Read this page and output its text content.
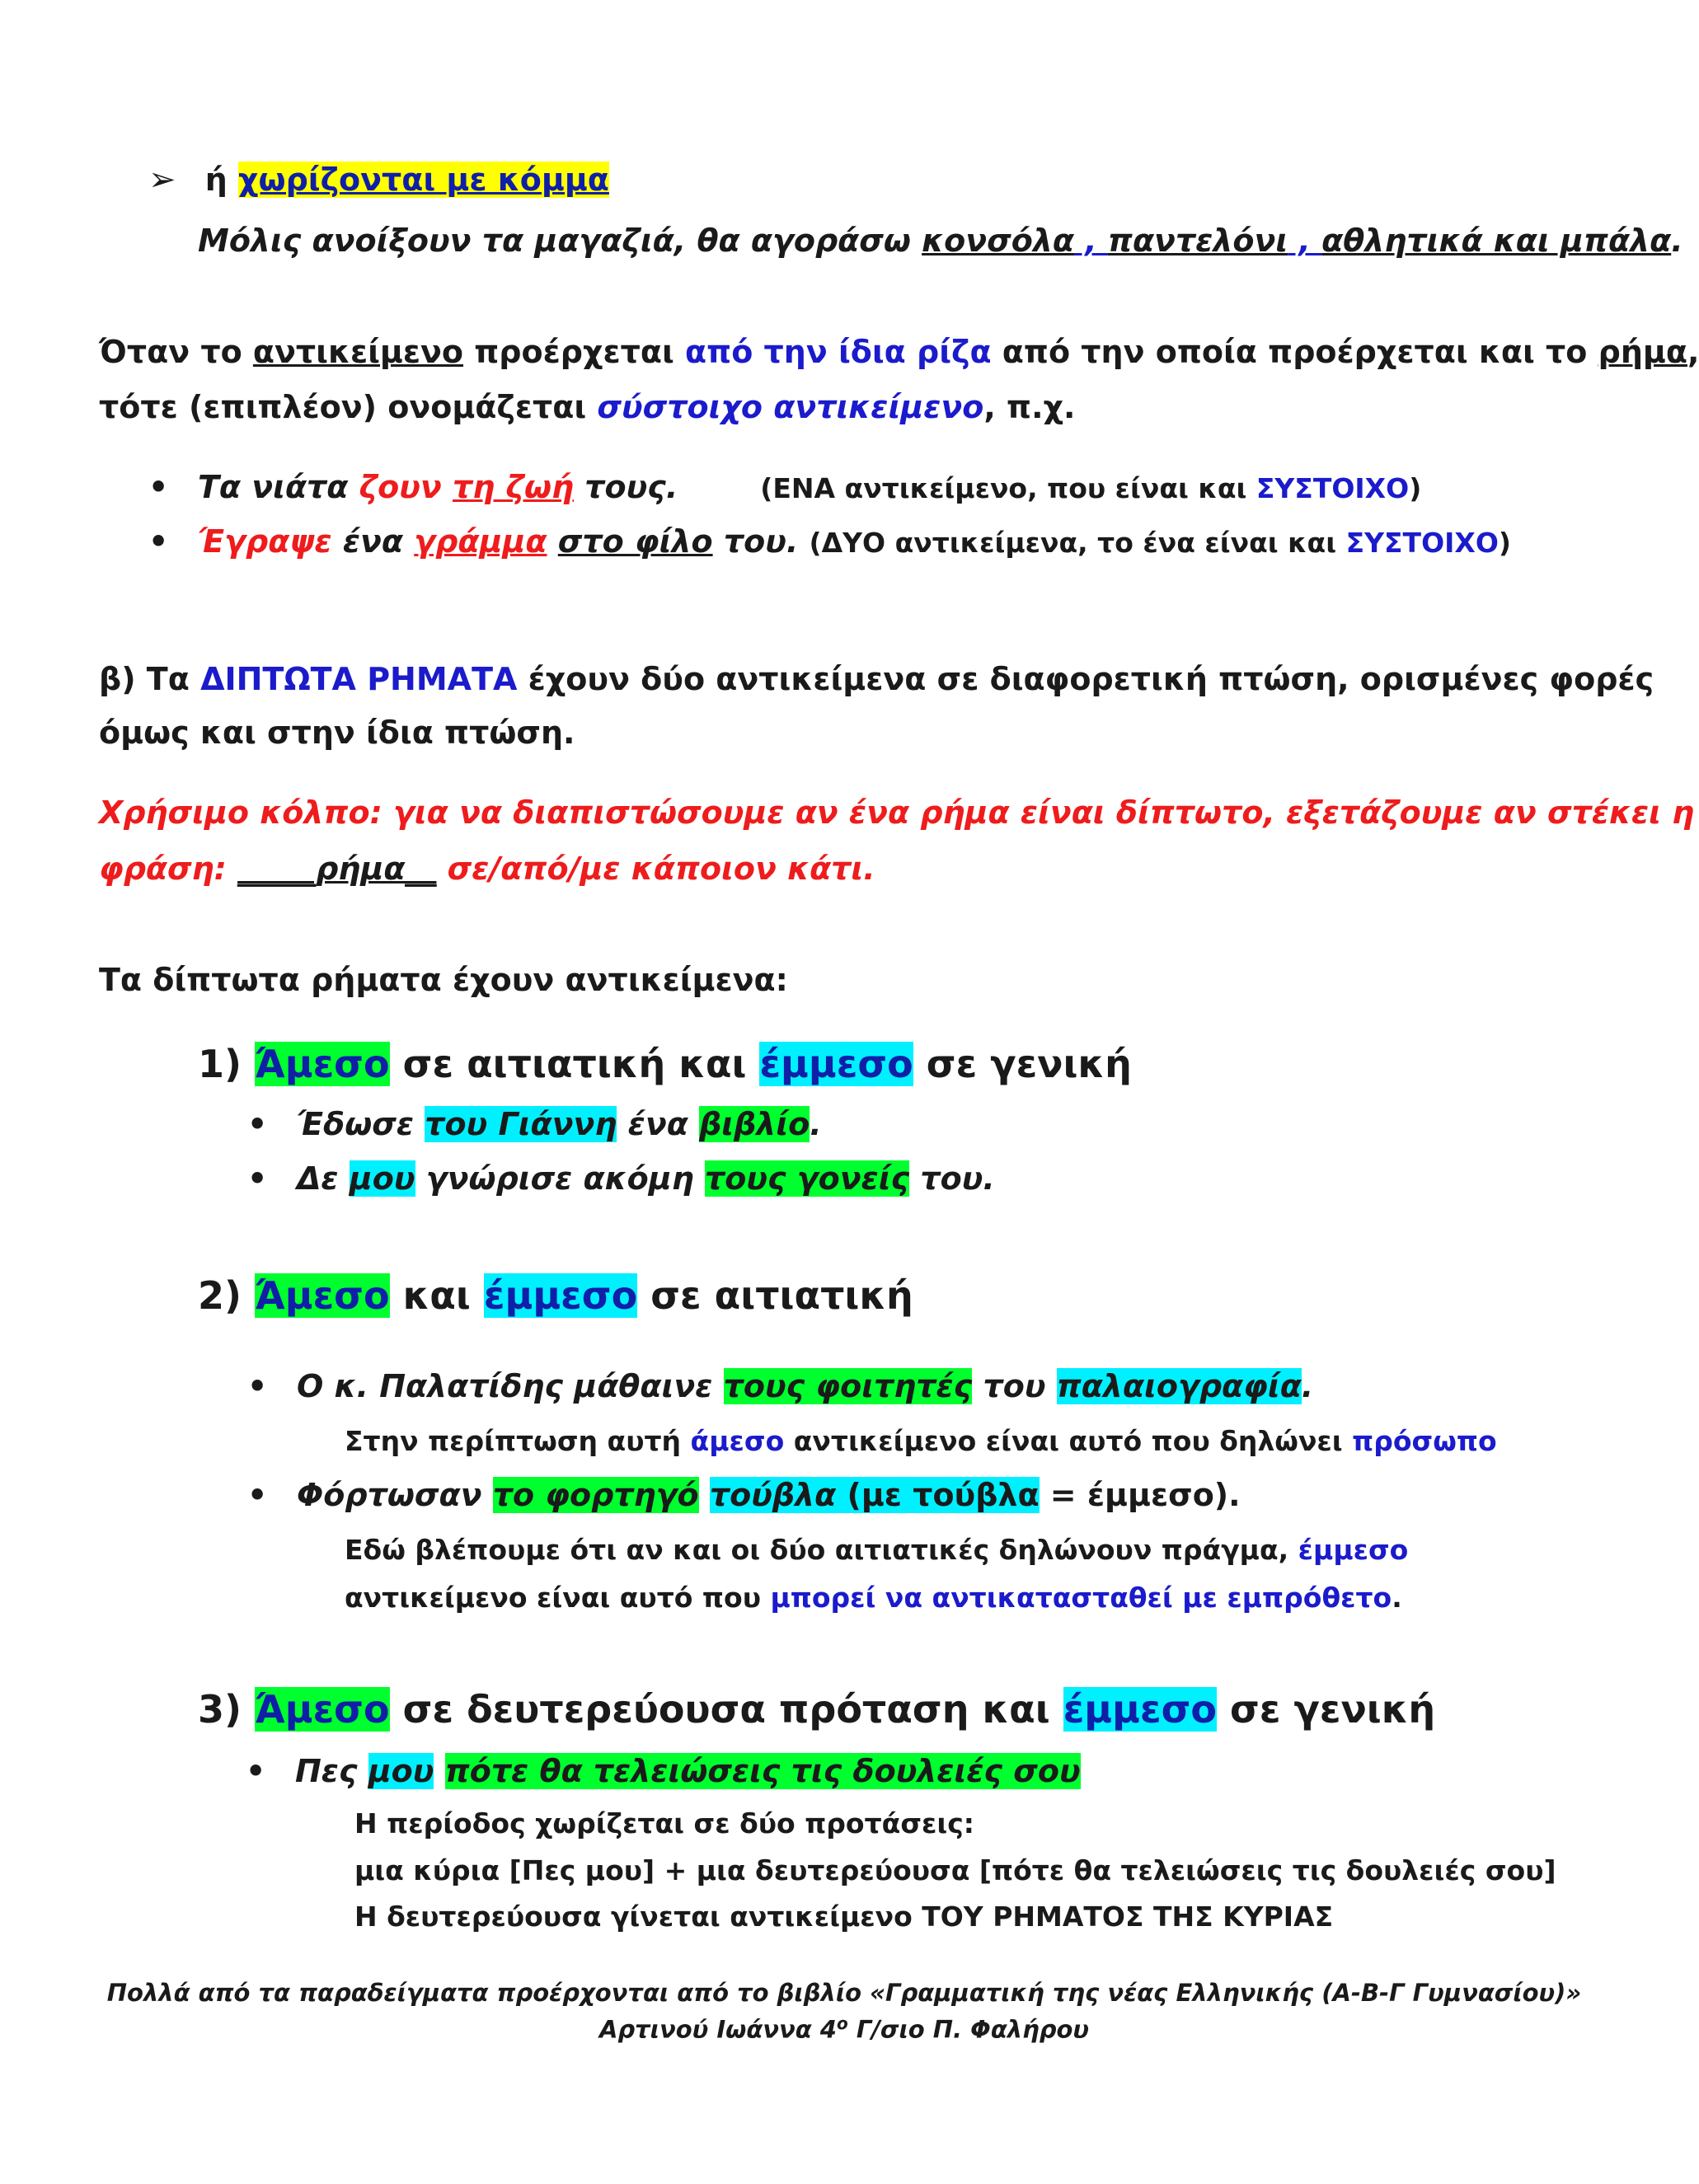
➢ ή χωρίζονται με κόμμα
Μόλις ανοίξουν τα μαγαζιά, θα αγοράσω κονσόλα , παντελόνι , αθλητικά και μπάλα.
Όταν το αντικείμενο προέρχεται από την ίδια ρίζα από την οποία προέρχεται και το ρήμα,
τότε (επιπλέον) ονομάζεται σύστοιχο αντικείμενο, π.χ.
• Τα νιάτα ζουν τη ζωή τους.	(ΕΝΑ αντικείμενο, που είναι και ΣΥΣΤΟΙΧΟ)
• Έγραψε ένα γράμμα στο φίλο του. (ΔΥΟ αντικείμενα, το ένα είναι και ΣΥΣΤΟΙΧΟ)
β) Τα ΔΙΠΤΩΤΑ ΡΗΜΑΤΑ έχουν δύο αντικείμενα σε διαφορετική πτώση, ορισμένες φορές
όμως και στην ίδια πτώση.
Χρήσιμο κόλπο: για να διαπιστώσουμε αν ένα ρήμα είναι δίπτωτο, εξετάζουμε αν στέκει η
φράση: _____ρήμα__ σε/από/με κάποιον κάτι.
Τα δίπτωτα ρήματα έχουν αντικείμενα:
1) Άμεσο σε αιτιατική και έμμεσο σε γενική
• Έδωσε του Γιάννη ένα βιβλίο.
• Δε μου γνώρισε ακόμη τους γονείς του.
2) Άμεσο και έμμεσο σε αιτιατική
• Ο κ. Παλατίδης μάθαινε τους φοιτητές του παλαιογραφία.
Στην περίπτωση αυτή άμεσο αντικείμενο είναι αυτό που δηλώνει πρόσωπο
• Φόρτωσαν το φορτηγό τούβλα (με τούβλα = έμμεσο).
Εδώ βλέπουμε ότι αν και οι δύο αιτιατικές δηλώνουν πράγμα, έμμεσο
αντικείμενο είναι αυτό που μπορεί να αντικατασταθεί με εμπρόθετο.
3) Άμεσο σε δευτερεύουσα πρόταση και έμμεσο σε γενική
• Πες μου πότε θα τελειώσεις τις δουλειές σου
Η περίοδος χωρίζεται σε δύο προτάσεις:
μια κύρια [Πες μου] + μια δευτερεύουσα [πότε θα τελειώσεις τις δουλειές σου]
Η δευτερεύουσα γίνεται αντικείμενο ΤΟΥ ΡΗΜΑΤΟΣ ΤΗΣ ΚΥΡΙΑΣ
Πολλά από τα παραδείγματα προέρχονται από το βιβλίο «Γραμματική της νέας Ελληνικής (Α-Β-Γ Γυμνασίου)»
Αρτινού Ιωάννα $4^o$ Γ/σιο Π. Φαλήρου
